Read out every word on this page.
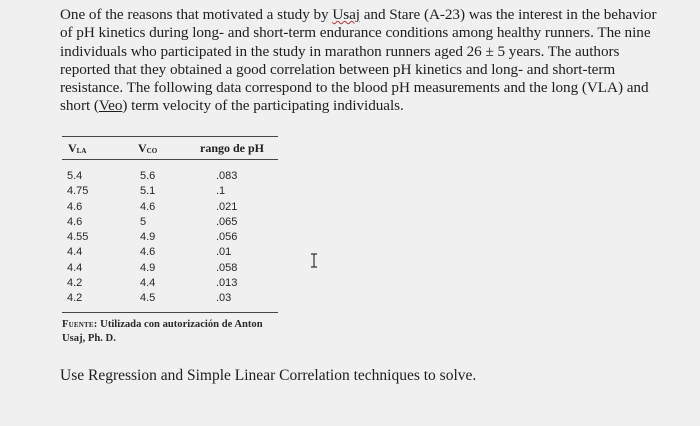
One of the reasons that motivated a study by Usaj and Stare (A-23) was the interest in the behavior of pH kinetics during long- and short-term endurance conditions among healthy runners. The nine individuals who participated in the study in marathon runners aged 26 ± 5 years. The authors reported that they obtained a good correlation between pH kinetics and long- and short-term resistance. The following data correspond to the blood pH measurements and the long (VLA) and short (Veo) term velocity of the participating individuals.
$V_{LA}$	$V_{CO}$	rango de pH
5.4	5.6	.083
4.75	5.1	.1
4.6	4.6	.021
4.6	5	.065
4.55	4.9	.056
4.4	4.6	.01
4.4	4.9	.058
4.2	4.4	.013
4.2	4.5	.03
Fuente: Utilizada con autorización de Anton
Usaj, Ph. D.
Use Regression and Simple Linear Correlation techniques to solve.
